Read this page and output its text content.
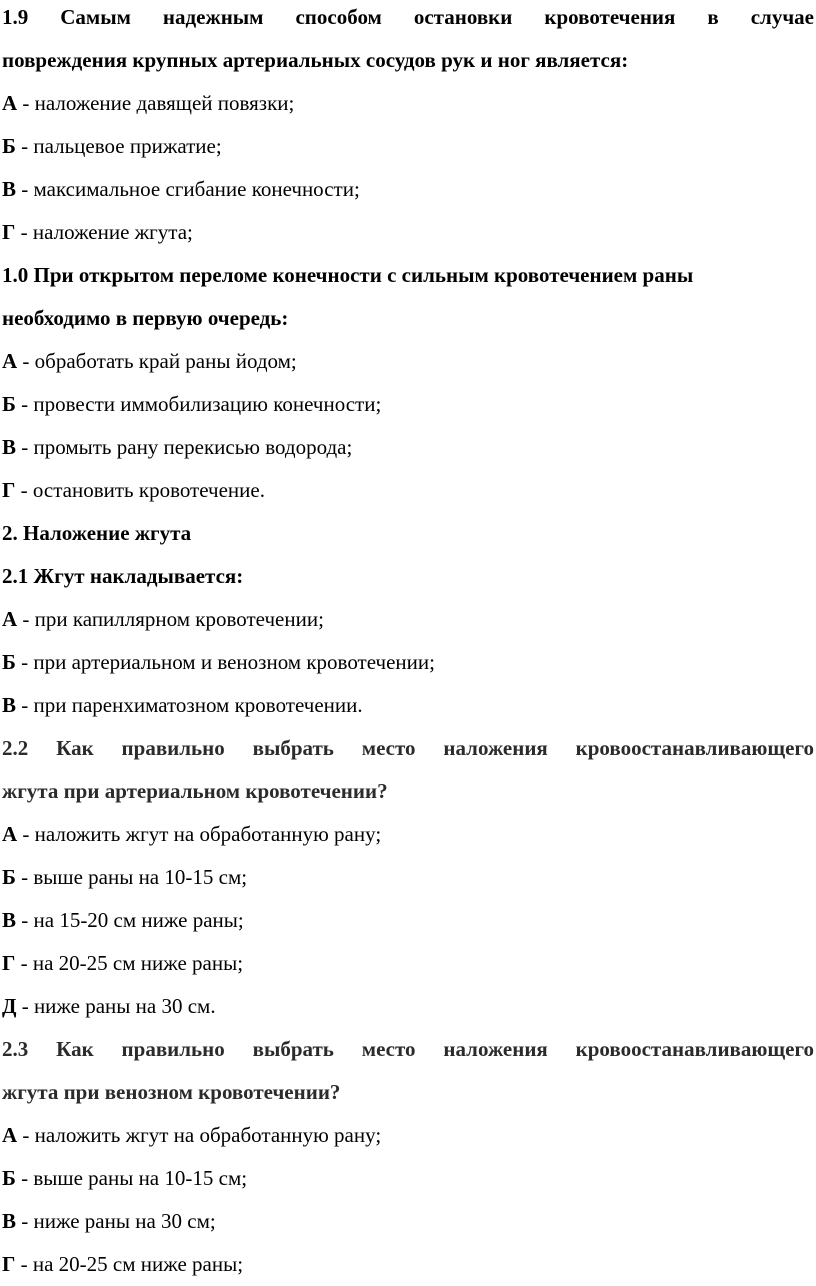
1.9 Самым надежным способом остановки кровотечения в случае
повреждения крупных артериальных сосудов рук и ног является:
А - наложение давящей повязки;
Б - пальцевое прижатие;
В - максимальное сгибание конечности;
Г - наложение жгута;
1.0 При открытом переломе конечности с сильным кровотечением раны
необходимо в первую очередь:
А - обработать край раны йодом;
Б - провести иммобилизацию конечности;
В - промыть рану перекисью водорода;
Г - остановить кровотечение.
2. Наложение жгута
2.1 Жгут накладывается:
А - при капиллярном кровотечении;
Б - при артериальном и венозном кровотечении;
В - при паренхиматозном кровотечении.
2.2 Как правильно выбрать место наложения кровоостанавливающего
жгута при артериальном кровотечении?
А - наложить жгут на обработанную рану;
Б - выше раны на 10-15 см;
В - на 15-20 см ниже раны;
Г - на 20-25 см ниже раны;
Д - ниже раны на 30 см.
2.3 Как правильно выбрать место наложения кровоостанавливающего
жгута при венозном кровотечении?
А - наложить жгут на обработанную рану;
Б - выше раны на 10-15 см;
В - ниже раны на 30 см;
Г - на 20-25 см ниже раны;
